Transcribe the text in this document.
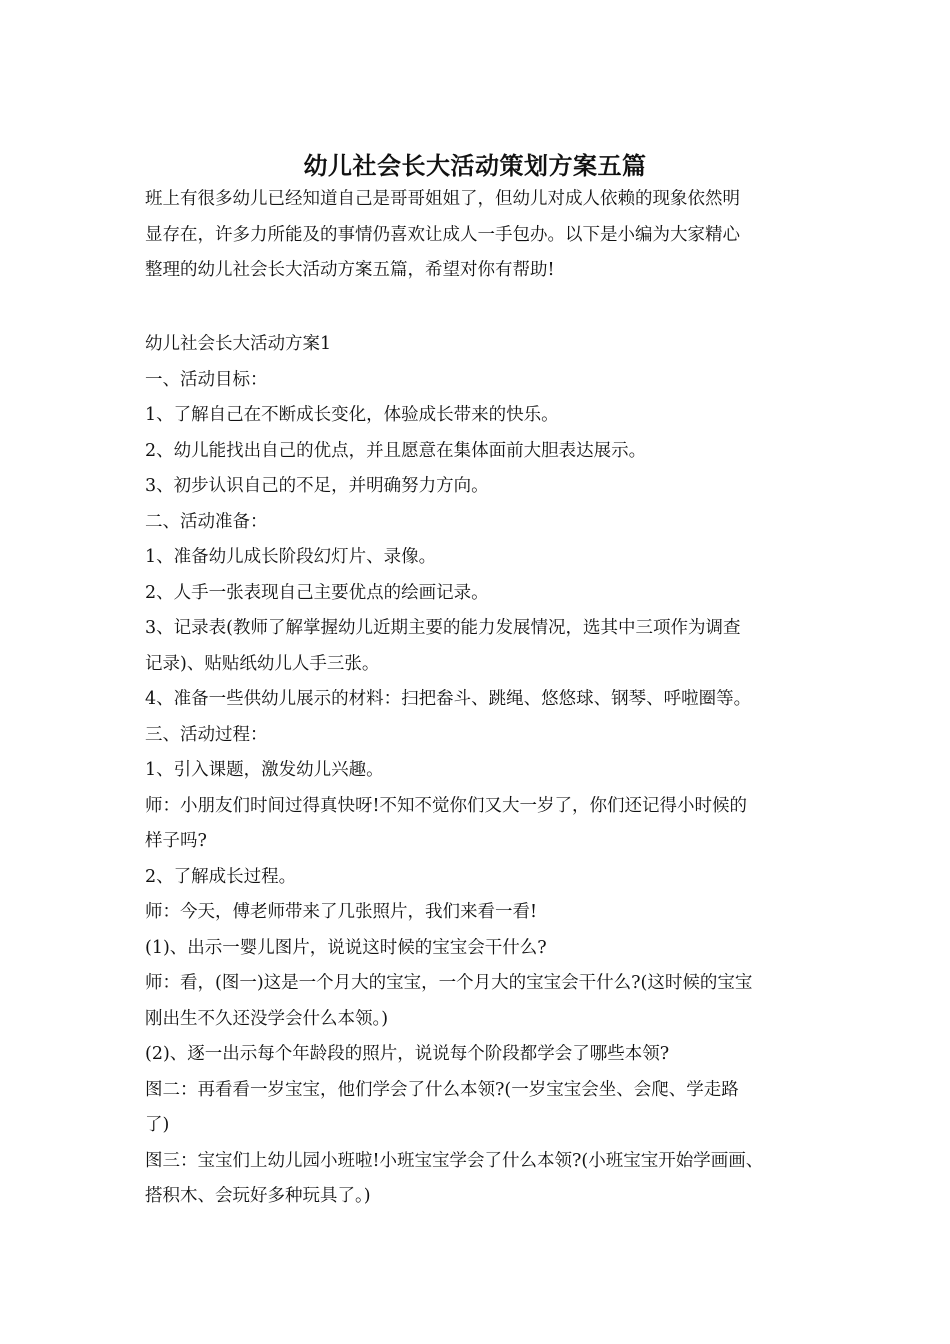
幼儿社会长大活动策划方案五篇

班上有很多幼儿已经知道自己是哥哥姐姐了，但幼儿对成人依赖的现象依然明

显存在，许多力所能及的事情仍喜欢让成人一手包办。以下是小编为大家精心

整理的幼儿社会长大活动方案五篇，希望对你有帮助!

幼儿社会长大活动方案1

一、活动目标：

1、了解自己在不断成长变化，体验成长带来的快乐。

2、幼儿能找出自己的优点，并且愿意在集体面前大胆表达展示。

3、初步认识自己的不足，并明确努力方向。

二、活动准备：

1、准备幼儿成长阶段幻灯片、录像。

2、人手一张表现自己主要优点的绘画记录。

3、记录表(教师了解掌握幼儿近期主要的能力发展情况，选其中三项作为调查

记录)、贴贴纸幼儿人手三张。

4、准备一些供幼儿展示的材料：扫把畚斗、跳绳、悠悠球、钢琴、呼啦圈等。

三、活动过程：

1、引入课题，激发幼儿兴趣。

师：小朋友们时间过得真快呀!不知不觉你们又大一岁了，你们还记得小时候的

样子吗?

2、了解成长过程。

师：今天，傅老师带来了几张照片，我们来看一看!

(1)、出示一婴儿图片，说说这时候的宝宝会干什么?

师：看，(图一)这是一个月大的宝宝，一个月大的宝宝会干什么?(这时候的宝宝

刚出生不久还没学会什么本领。)

(2)、逐一出示每个年龄段的照片，说说每个阶段都学会了哪些本领?

图二：再看看一岁宝宝，他们学会了什么本领?(一岁宝宝会坐、会爬、学走路

了)

图三：宝宝们上幼儿园小班啦!小班宝宝学会了什么本领?(小班宝宝开始学画画、

搭积木、会玩好多种玩具了。)
